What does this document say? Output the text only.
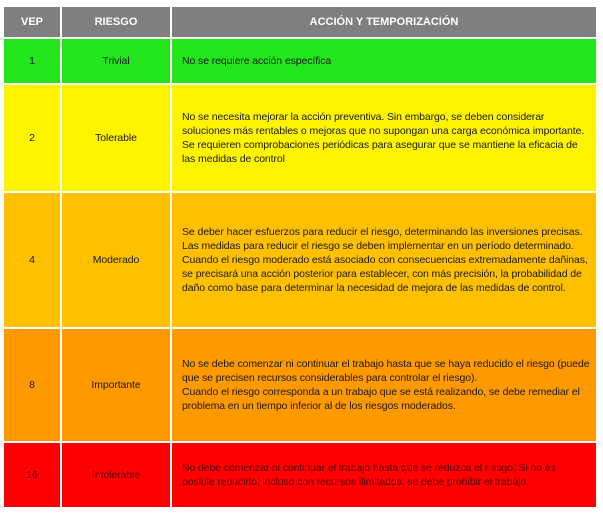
VEP	RIESGO	ACCIÓN Y TEMPORIZACIÓN
1	Trivial	No se requiere acción específica

2	Tolerable	No se necesita mejorar la acción preventiva. Sin embargo, se deben considerar soluciones más rentables o mejoras que no supongan una carga económica importante.
Se requieren comprobaciones periódicas para asegurar que se mantiene la eficacia de las medidas de control

4	Moderado	Se deber hacer esfuerzos para reducir el riesgo, determinando las inversiones precisas. Las medidas para reducir el riesgo se deben implementar en un período determinado.
Cuando el riesgo moderado está asociado con consecuencias extremadamente dañinas, se precisará una acción posterior para establecer, con más precisión, la probabilidad de daño como base para determinar la necesidad de mejora de las medidas de control.

8	Importante	No se debe comenzar ni continuar el trabajo hasta que se haya reducido el riesgo (puede que se precisen recursos considerables para controlar el riesgo).
Cuando el riesgo corresponda a un trabajo que se está realizando, se debe remediar el problema en un tiempo inferior al de los riesgos moderados.

16	Intolerable	No debe comenzar ni continuar el trabajo hasta que se reduzca el riesgo. Si no es posible reducirlo, incluso con recursos ilimitados, se debe prohibir el trabajo.
